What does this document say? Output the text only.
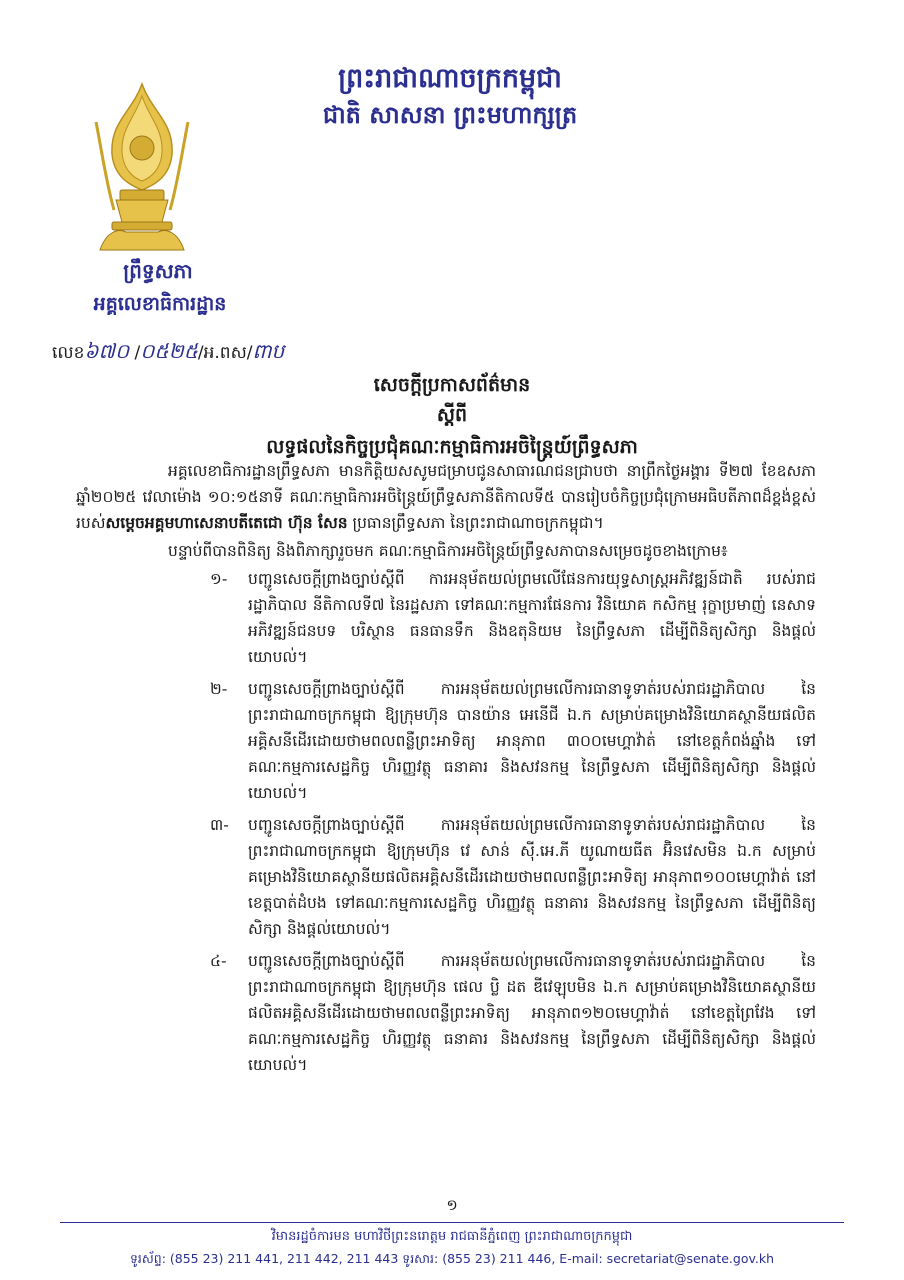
ព្រះរាជាណាចក្រកម្ពុជា
ជាតិ សាសនា ព្រះមហាក្សត្រ
ព្រឹទ្ធសភា
អគ្គលេខាធិការដ្ឋាន
លេខ៦៧០ /០៥២៥/អ.ពស/ពាប
សេចក្តីប្រកាសព័ត៌មាន
ស្តីពី
លទ្ធផលនៃកិច្ចប្រជុំគណៈកម្មាធិការអចិន្ត្រៃយ៍ព្រឹទ្ធសភា

អគ្គលេខាធិការដ្ឋានព្រឹទ្ធសភា មានកិត្តិយសសូមជម្រាបជូនសាធារណជនជ្រាបថា នាព្រឹកថ្ងៃអង្គារ ទី២៧ ខែឧសភា ឆ្នាំ២០២៥ វេលាម៉ោង ១០:១៥នាទី គណៈកម្មាធិការអចិន្ត្រៃយ៍ព្រឹទ្ធសភានីតិកាលទី៥ បានរៀបចំកិច្ចប្រជុំក្រោមអធិបតីភាពដ៏ខ្ពង់ខ្ពស់របស់សម្តេចអគ្គមហាសេនាបតីតេជោ ហ៊ុន សែន ប្រធានព្រឹទ្ធសភា នៃព្រះរាជាណាចក្រកម្ពុជា។

បន្ទាប់ពីបានពិនិត្យ និងពិភាក្សារួចមក គណៈកម្មាធិការអចិន្ត្រៃយ៍ព្រឹទ្ធសភាបានសម្រេចដូចខាងក្រោម៖

១- បញ្ជូនសេចក្តីព្រាងច្បាប់ស្តីពី ការអនុម័តយល់ព្រមលើផែនការយុទ្ធសាស្ត្រអភិវឌ្ឍន៍ជាតិ របស់រាជរដ្ឋាភិបាល នីតិកាលទី៧ នៃរដ្ឋសភា ទៅគណៈកម្មការផែនការ វិនិយោគ កសិកម្ម រុក្ខាប្រមាញ់ នេសាទ អភិវឌ្ឍន៍ជនបទ បរិស្ថាន ធនធានទឹក និងឧតុនិយម នៃព្រឹទ្ធសភា ដើម្បីពិនិត្យសិក្សា និងផ្តល់យោបល់។
២- បញ្ជូនសេចក្តីព្រាងច្បាប់ស្តីពី ការអនុម័តយល់ព្រមលើការធានាទូទាត់របស់រាជរដ្ឋាភិបាល នៃព្រះរាជាណាចក្រកម្ពុជា ឱ្យក្រុមហ៊ុន បានយ៉ាន អេនើជី ឯ.ក សម្រាប់គម្រោងវិនិយោគស្ថានីយផលិតអគ្គិសនីដើរដោយថាមពលពន្លឺព្រះអាទិត្យ អានុភាព ៣០០មេហ្គាវ៉ាត់ នៅខេត្តកំពង់ឆ្នាំង ទៅគណៈកម្មការសេដ្ឋកិច្ច ហិរញ្ញវត្ថុ ធនាគារ និងសវនកម្ម នៃព្រឹទ្ធសភា ដើម្បីពិនិត្យសិក្សា និងផ្តល់យោបល់។
៣- បញ្ជូនសេចក្តីព្រាងច្បាប់ស្តីពី ការអនុម័តយល់ព្រមលើការធានាទូទាត់របស់រាជរដ្ឋាភិបាល នៃព្រះរាជាណាចក្រកម្ពុជា ឱ្យក្រុមហ៊ុន វេ សាន់ ស៊ី.អេ.ភី យូណាយធីត អ៊ិនវេសមិន ឯ.ក សម្រាប់គម្រោងវិនិយោគស្ថានីយផលិតអគ្គិសនីដើរដោយថាមពលពន្លឺព្រះអាទិត្យ អានុភាព១០០មេហ្គាវ៉ាត់ នៅខេត្តបាត់ដំបង ទៅគណៈកម្មការសេដ្ឋកិច្ច ហិរញ្ញវត្ថុ ធនាគារ និងសវនកម្ម នៃព្រឹទ្ធសភា ដើម្បីពិនិត្យសិក្សា និងផ្តល់យោបល់។
៤- បញ្ជូនសេចក្តីព្រាងច្បាប់ស្តីពី ការអនុម័តយល់ព្រមលើការធានាទូទាត់របស់រាជរដ្ឋាភិបាល នៃព្រះរាជាណាចក្រកម្ពុជា ឱ្យក្រុមហ៊ុន ផេល ប្លិ ដត ឌីវេឡុបមិន ឯ.ក សម្រាប់គម្រោងវិនិយោគស្ថានីយផលិតអគ្គិសនីដើរដោយថាមពលពន្លឺព្រះអាទិត្យ អានុភាព១២០មេហ្គាវ៉ាត់ នៅខេត្តព្រៃវែង ទៅគណៈកម្មការសេដ្ឋកិច្ច ហិរញ្ញវត្ថុ ធនាគារ និងសវនកម្ម នៃព្រឹទ្ធសភា ដើម្បីពិនិត្យសិក្សា និងផ្តល់យោបល់។
១
វិមានរដ្ឋចំការមន មហាវិថីព្រះនរោត្តម រាជធានីភ្នំពេញ ព្រះរាជាណាចក្រកម្ពុជា
ទូរស័ព្ទ: (855 23) 211 441, 211 442, 211 443 ទូរសារ: (855 23) 211 446, E-mail: secretariat@senate.gov.kh
